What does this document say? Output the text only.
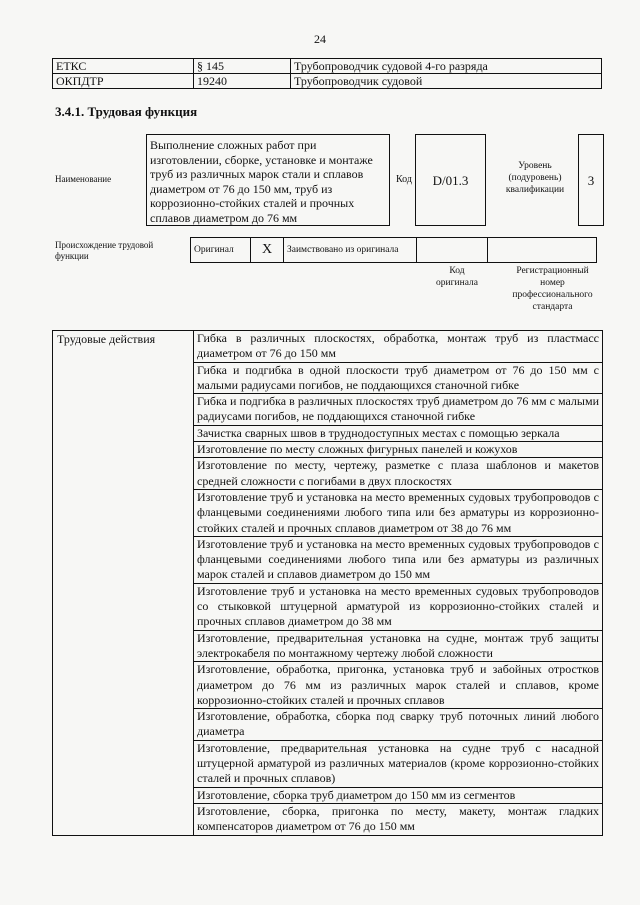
24
ЕТКС	§ 145	Трубопроводчик судовой 4-го разряда
ОКПДТР	19240	Трубопроводчик судовой
3.4.1. Трудовая функция
Наименование
Выполнение сложных работ при изготовлении, сборке, установке и монтаже труб из различных марок стали и сплавов диаметром от 76 до 150 мм, труб из коррозионно-стойких сталей и прочных сплавов диаметром до 76 мм
Код	D/01.3
Уровень (подуровень) квалификации
3
Происхождение трудовой функции
Оригинал	X	Заимствовано из оригинала		
Код оригинала
Регистрационный номер профессионального стандарта
Трудовые действия	Гибка в различных плоскостях, обработка, монтаж труб из пластмасс диаметром от 76 до 150 мм
Гибка и подгибка в одной плоскости труб диаметром от 76 до 150 мм с малыми радиусами погибов, не поддающихся станочной гибке
Гибка и подгибка в различных плоскостях труб диаметром до 76 мм с малыми радиусами погибов, не поддающихся станочной гибке
Зачистка сварных швов в труднодоступных местах с помощью зеркала
Изготовление по месту сложных фигурных панелей и кожухов
Изготовление по месту, чертежу, разметке с плаза шаблонов и макетов средней сложности с погибами в двух плоскостях
Изготовление труб и установка на место временных судовых трубопроводов с фланцевыми соединениями любого типа или без арматуры из коррозионно-стойких сталей и прочных сплавов диаметром от 38 до 76 мм
Изготовление труб и установка на место временных судовых трубопроводов с фланцевыми соединениями любого типа или без арматуры из различных марок сталей и сплавов диаметром до 150 мм
Изготовление труб и установка на место временных судовых трубопроводов со стыковкой штуцерной арматурой из коррозионно-стойких сталей и прочных сплавов диаметром до 38 мм
Изготовление, предварительная установка на судне, монтаж труб защиты электрокабеля по монтажному чертежу любой сложности
Изготовление, обработка, пригонка, установка труб и забойных отростков диаметром до 76 мм из различных марок сталей и сплавов, кроме коррозионно-стойких сталей и прочных сплавов
Изготовление, обработка, сборка под сварку труб поточных линий любого диаметра
Изготовление, предварительная установка на судне труб с насадной штуцерной арматурой из различных материалов (кроме коррозионно-стойких сталей и прочных сплавов)
Изготовление, сборка труб диаметром до 150 мм из сегментов
Изготовление, сборка, пригонка по месту, макету, монтаж гладких компенсаторов диаметром от 76 до 150 мм
